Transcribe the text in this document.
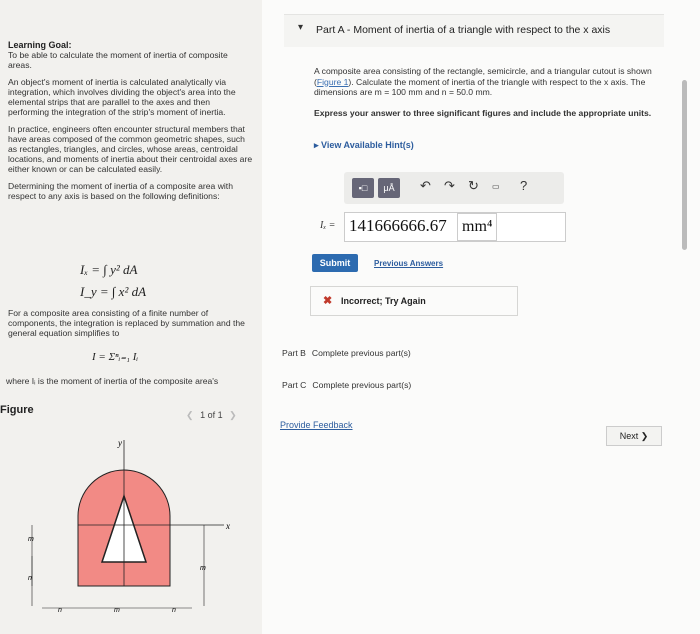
Learning Goal:
To be able to calculate the moment of inertia of composite areas.

An object's moment of inertia is calculated analytically via integration, which involves dividing the object's area into the elemental strips that are parallel to the axes and then performing the integration of the strip's moment of inertia.

In practice, engineers often encounter structural members that have areas composed of the common geometric shapes, such as rectangles, triangles, and circles, whose areas, centroidal locations, and moments of inertia about their centroidal axes are either known or can be calculated easily.

Determining the moment of inertia of a composite area with respect to any axis is based on the following definitions:

Iₓ = ∫ y² dA
I_y = ∫ x² dA
For a composite area consisting of a finite number of components, the integration is replaced by summation and the general equation simplifies to
I = Σⁿᵢ₌₁ Iᵢ
where Iᵢ is the moment of inertia of the composite area's
Figure	❮ 1 of 1 ❯
y
x
m
n
m
n	m	n
▾ Part A - Moment of inertia of a triangle with respect to the x axis
A composite area consisting of the rectangle, semicircle, and a triangular cutout is shown (Figure 1). Calculate the moment of inertia of the triangle with respect to the x axis. The dimensions are m = 100 mm and n = 50.0 mm.
Express your answer to three significant figures and include the appropriate units.
▸ View Available Hint(s)
▪□	μÅ	↶ ↷ ↻ ▭ ?
Iₓ = 141666666.67 mm⁴
Submit	Previous Answers
✖ Incorrect; Try Again
Part B Complete previous part(s)
Part C Complete previous part(s)
Provide Feedback
Next ❯
